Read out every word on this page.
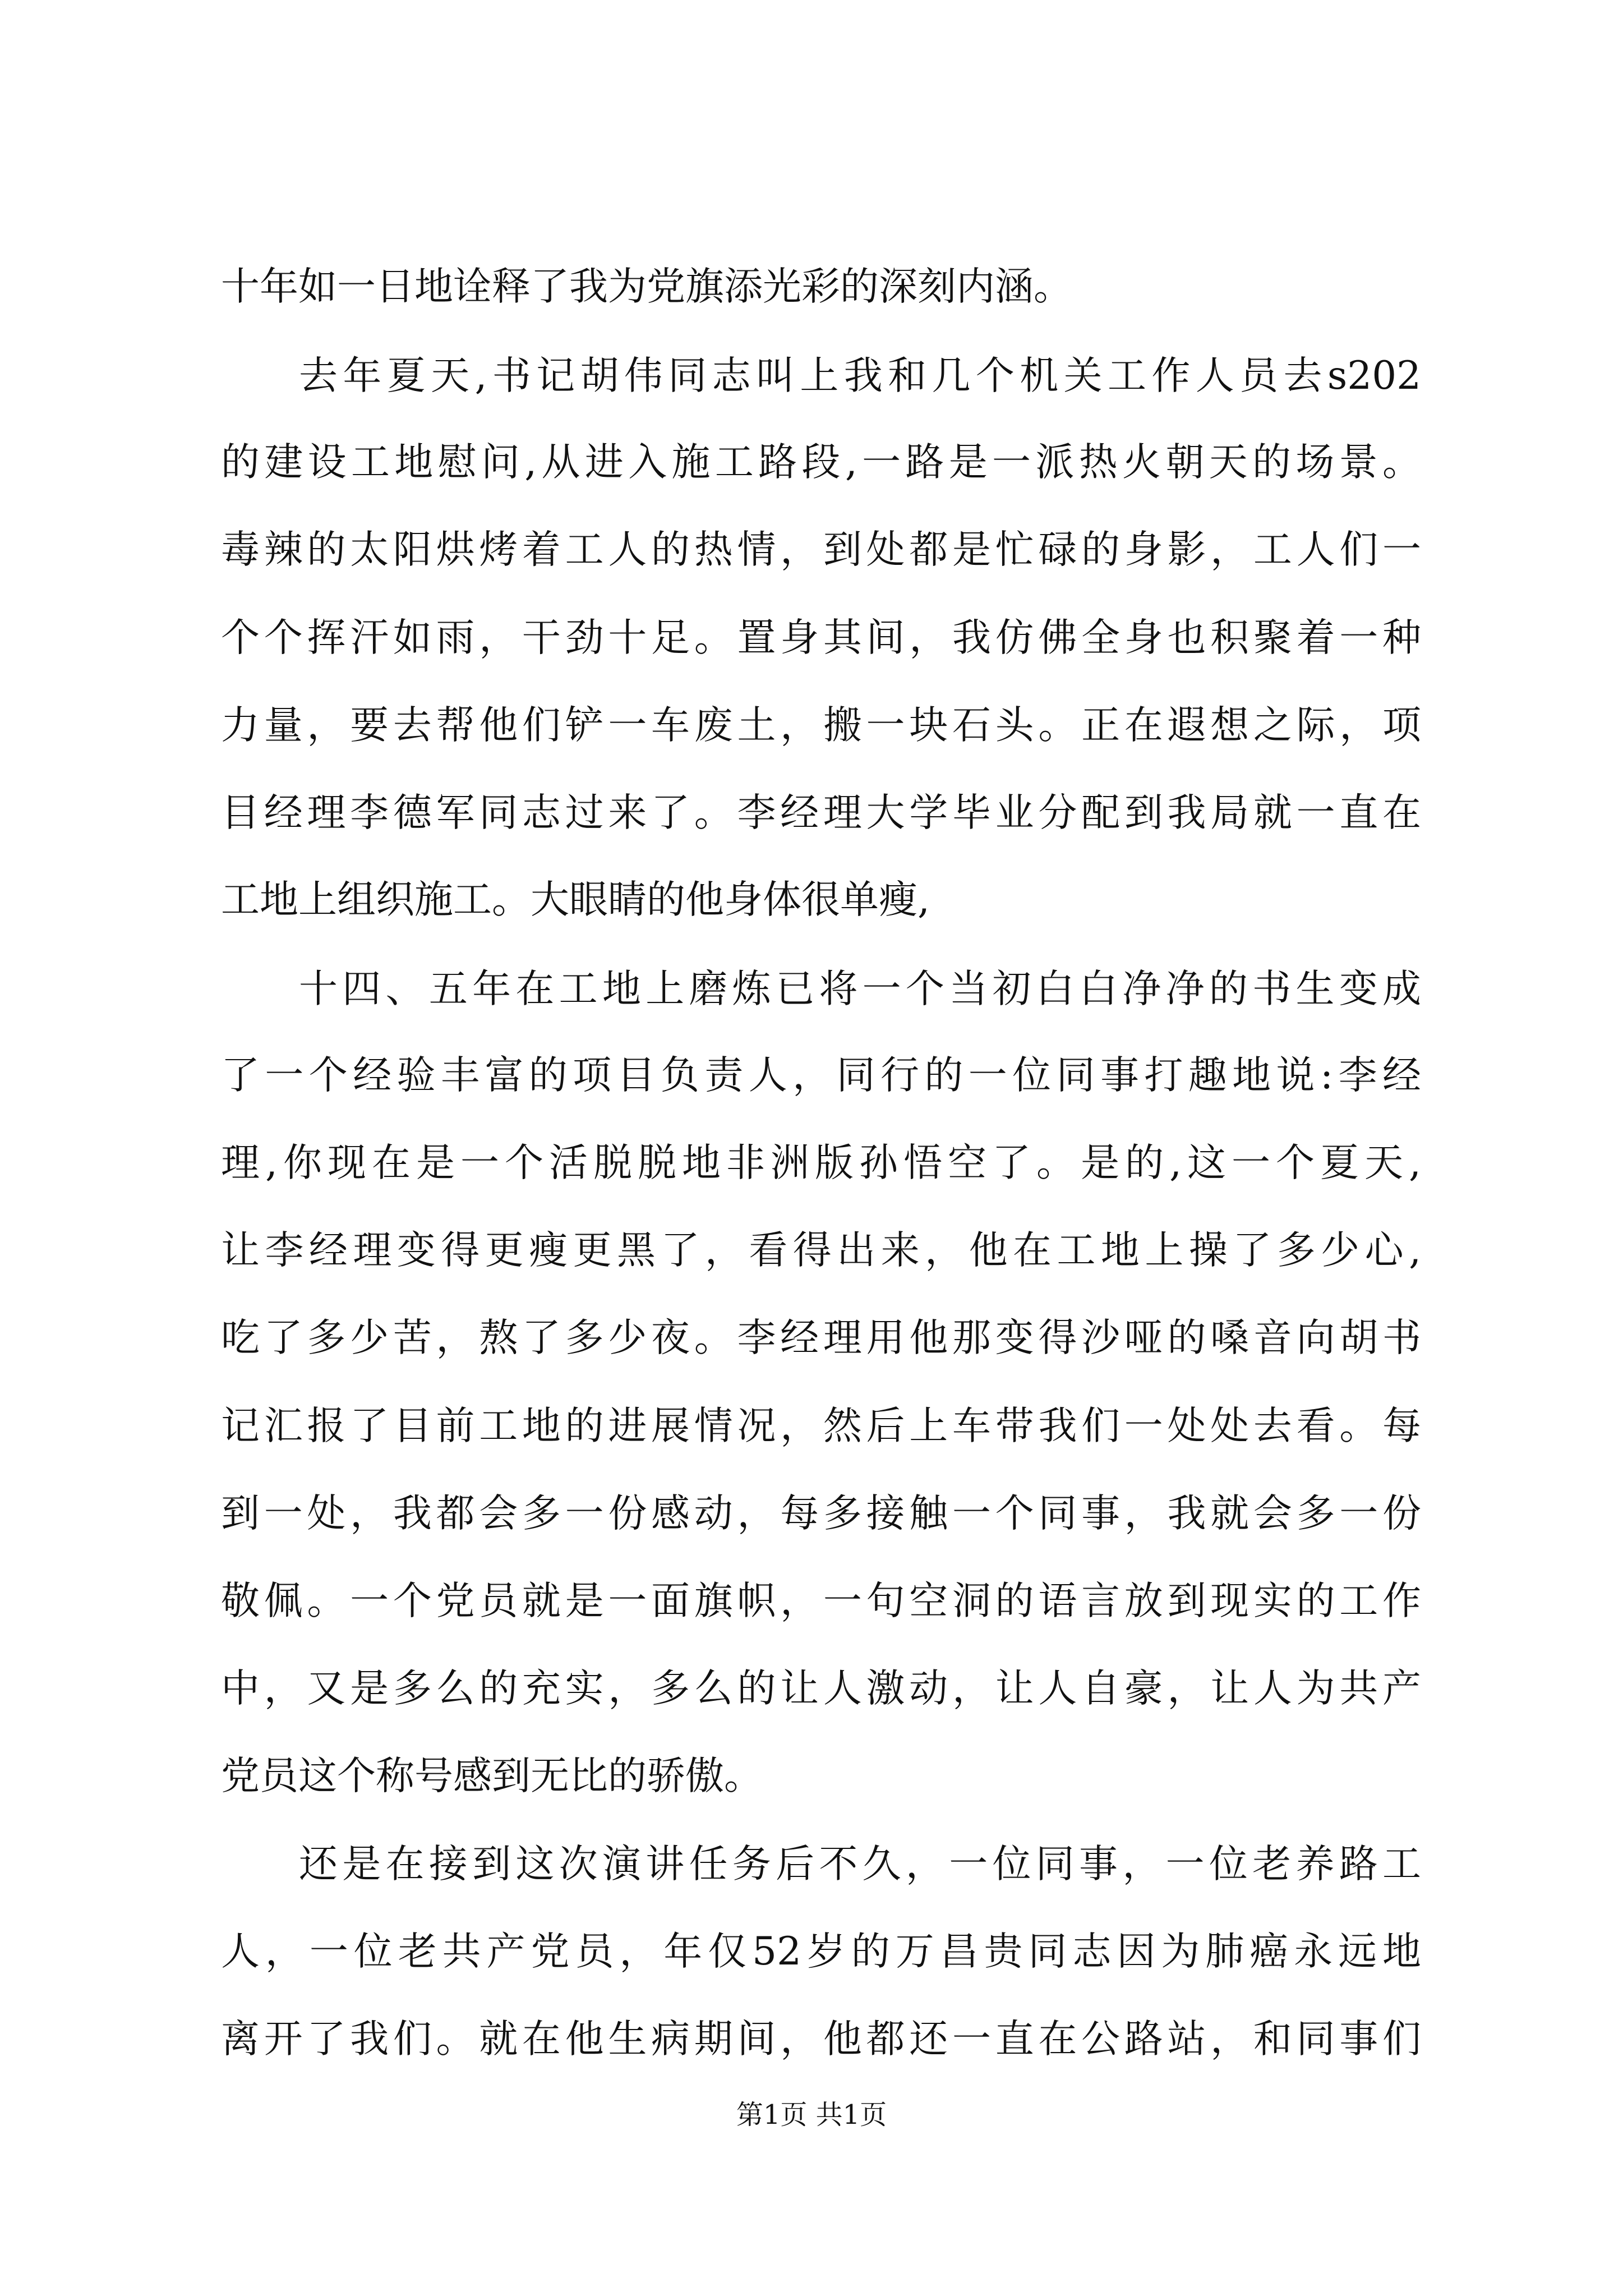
十年如一日地诠释了我为党旗添光彩的深刻内涵。
去年夏天,书记胡伟同志叫上我和几个机关工作人员去s202
的建设工地慰问,从进入施工路段,一路是一派热火朝天的场景。
毒辣的太阳烘烤着工人的热情，到处都是忙碌的身影，工人们一
个个挥汗如雨，干劲十足。置身其间，我仿佛全身也积聚着一种
力量，要去帮他们铲一车废土，搬一块石头。正在遐想之际，项
目经理李德军同志过来了。李经理大学毕业分配到我局就一直在
工地上组织施工。大眼睛的他身体很单瘦,
十四、五年在工地上磨炼已将一个当初白白净净的书生变成
了一个经验丰富的项目负责人，同行的一位同事打趣地说:李经
理,你现在是一个活脱脱地非洲版孙悟空了。是的,这一个夏天,
让李经理变得更瘦更黑了，看得出来，他在工地上操了多少心,
吃了多少苦，熬了多少夜。李经理用他那变得沙哑的嗓音向胡书
记汇报了目前工地的进展情况，然后上车带我们一处处去看。每
到一处，我都会多一份感动，每多接触一个同事，我就会多一份
敬佩。一个党员就是一面旗帜，一句空洞的语言放到现实的工作
中，又是多么的充实，多么的让人激动，让人自豪，让人为共产
党员这个称号感到无比的骄傲。
还是在接到这次演讲任务后不久，一位同事，一位老养路工
人，一位老共产党员，年仅52岁的万昌贵同志因为肺癌永远地
离开了我们。就在他生病期间，他都还一直在公路站，和同事们
第1页 共1页
